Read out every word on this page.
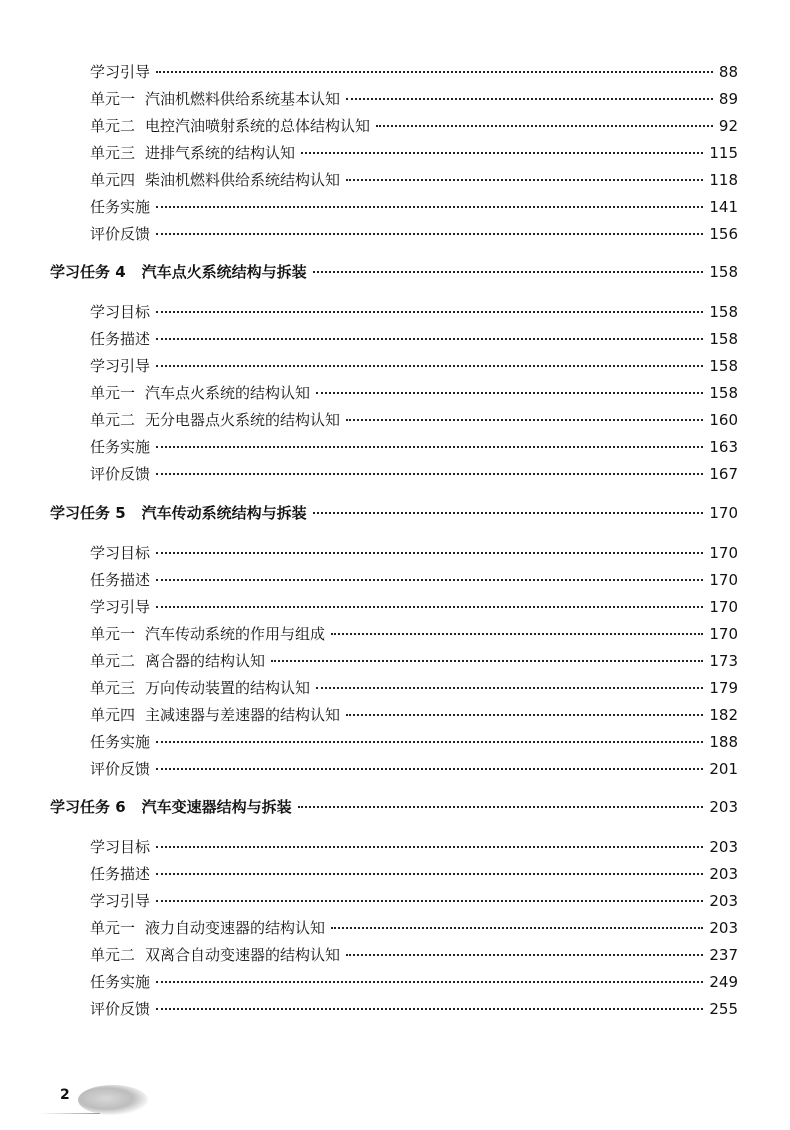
学习引导	88
单元一 汽油机燃料供给系统基本认知	89
单元二 电控汽油喷射系统的总体结构认知	92
单元三 进排气系统的结构认知	115
单元四 柴油机燃料供给系统结构认知	118
任务实施	141
评价反馈	156
学习任务 4 汽车点火系统结构与拆装	158
学习目标	158
任务描述	158
学习引导	158
单元一 汽车点火系统的结构认知	158
单元二 无分电器点火系统的结构认知	160
任务实施	163
评价反馈	167
学习任务 5 汽车传动系统结构与拆装	170
学习目标	170
任务描述	170
学习引导	170
单元一 汽车传动系统的作用与组成	170
单元二 离合器的结构认知	173
单元三 万向传动装置的结构认知	179
单元四 主减速器与差速器的结构认知	182
任务实施	188
评价反馈	201
学习任务 6 汽车变速器结构与拆装	203
学习目标	203
任务描述	203
学习引导	203
单元一 液力自动变速器的结构认知	203
单元二 双离合自动变速器的结构认知	237
任务实施	249
评价反馈	255
2
